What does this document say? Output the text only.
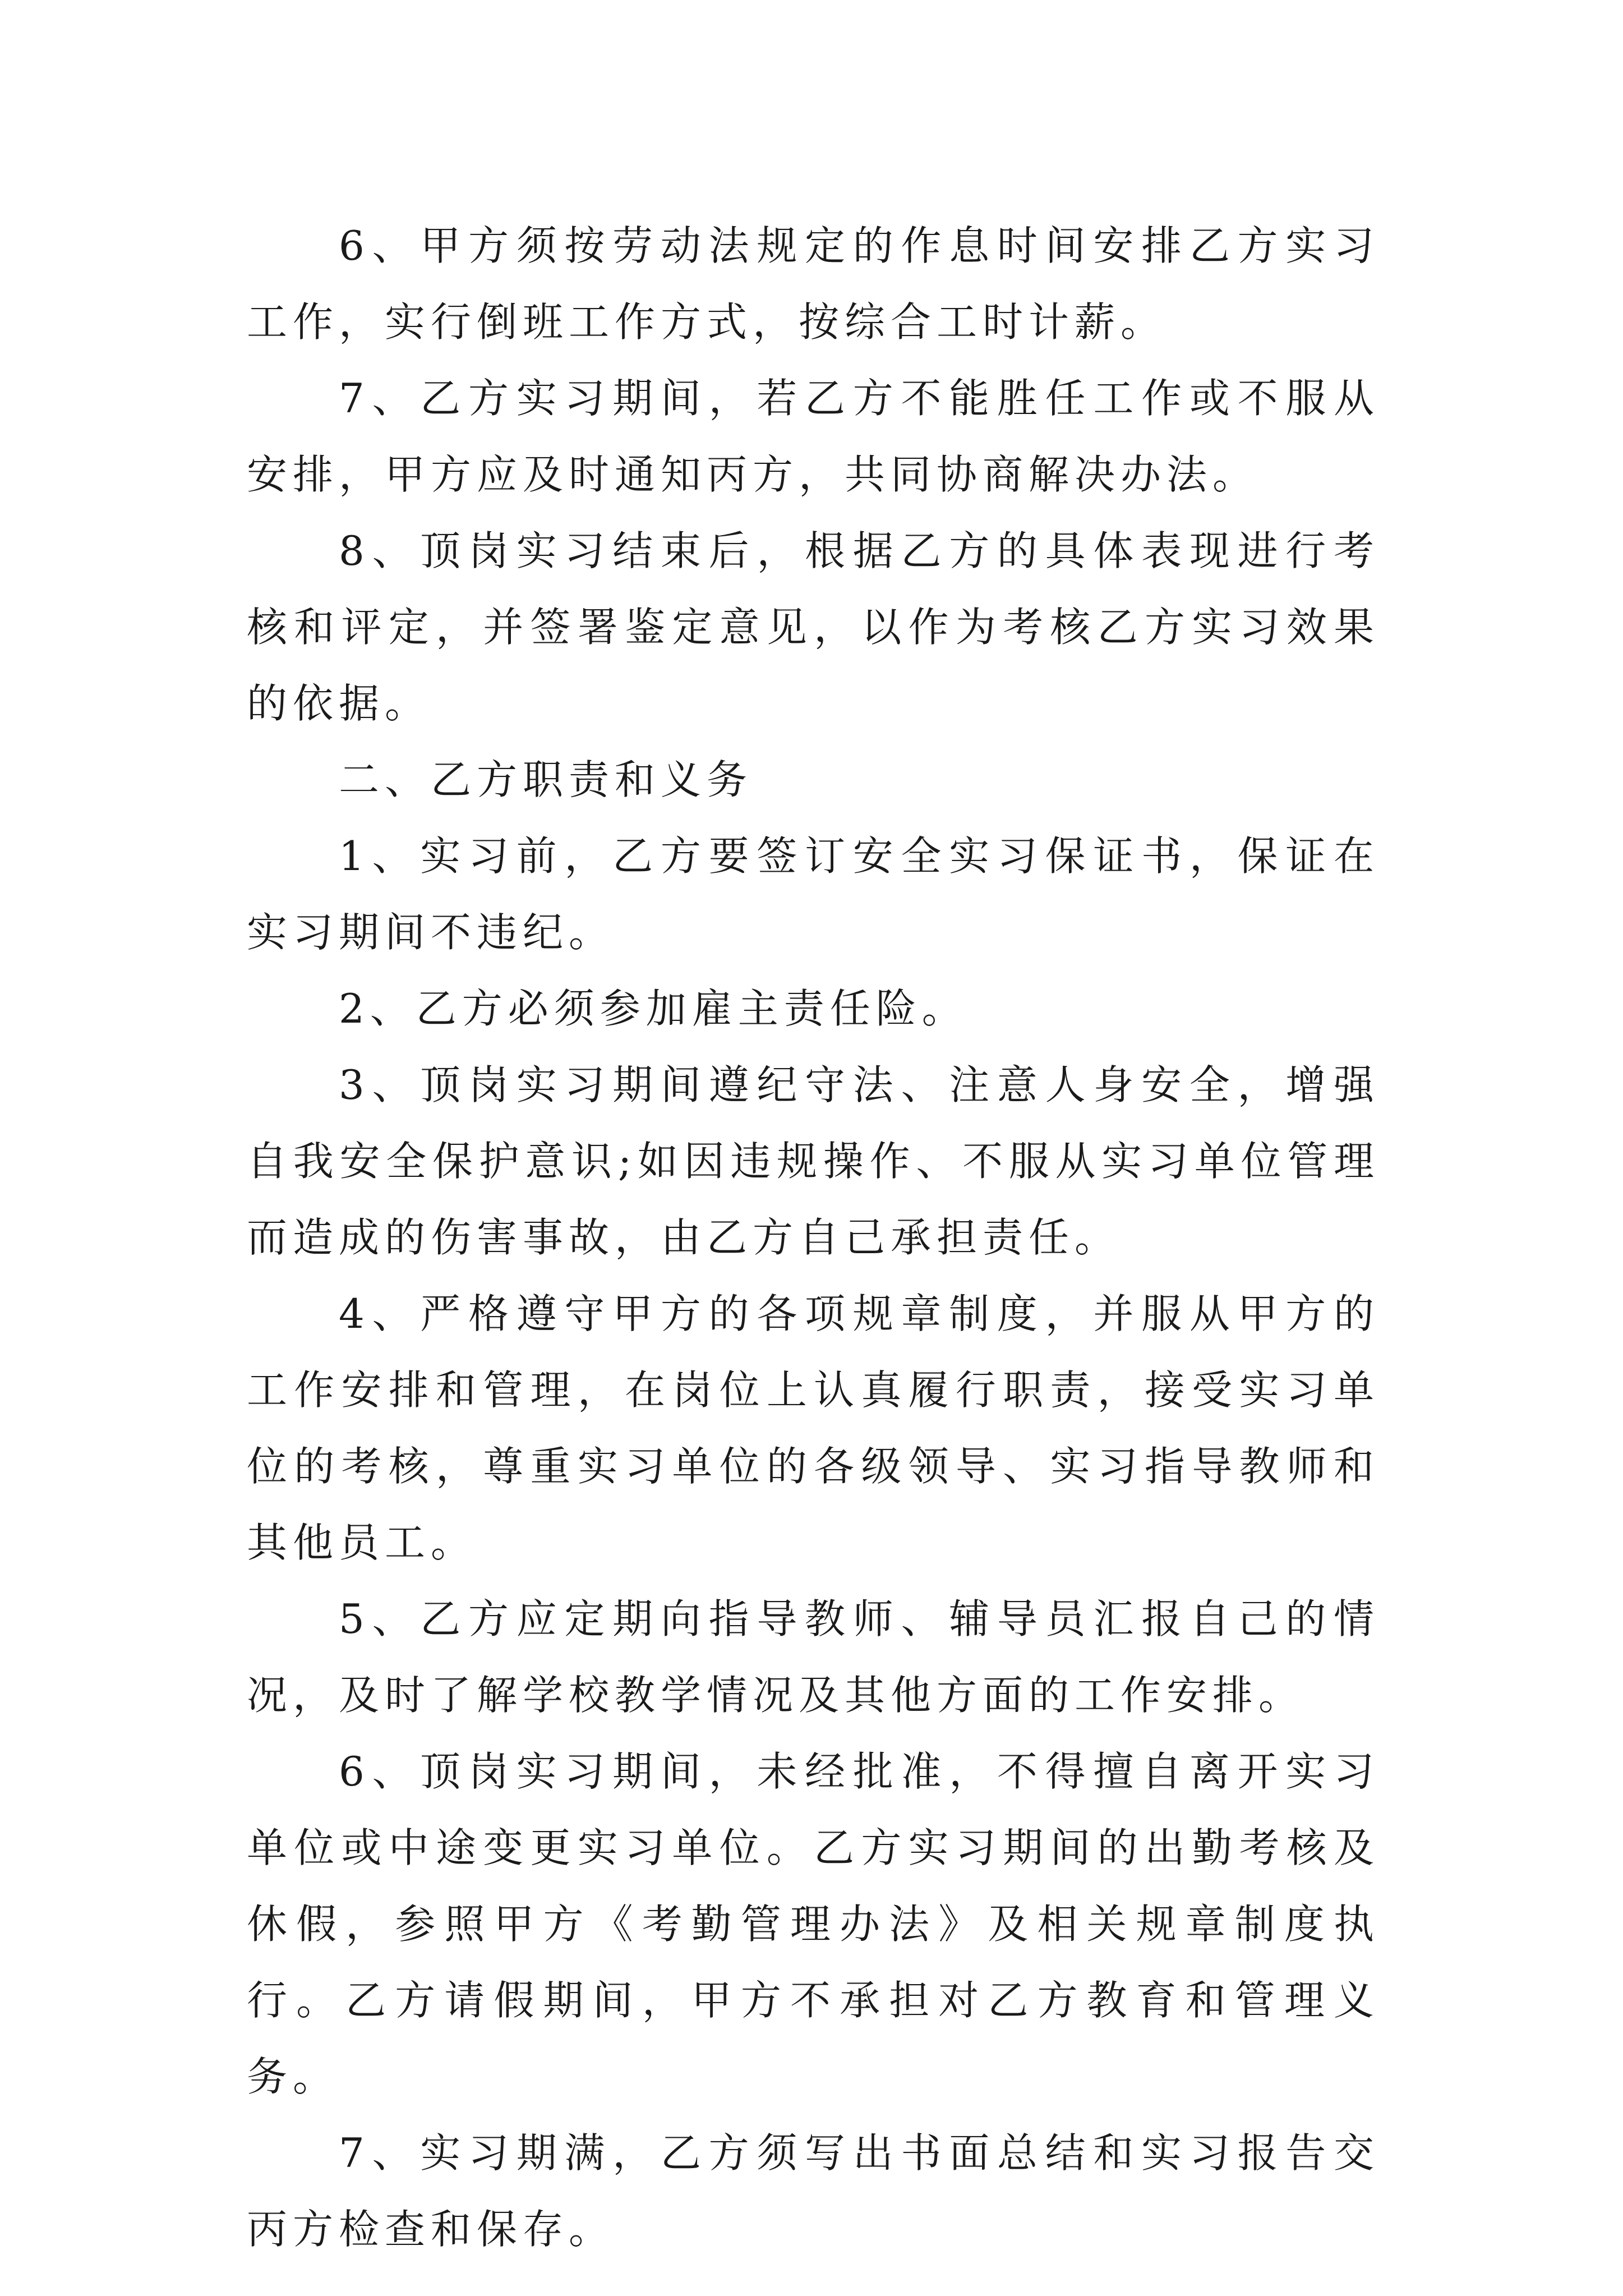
6、甲方须按劳动法规定的作息时间安排乙方实习工作，实行倒班工作方式，按综合工时计薪。

7、乙方实习期间，若乙方不能胜任工作或不服从安排，甲方应及时通知丙方，共同协商解决办法。

8、顶岗实习结束后，根据乙方的具体表现进行考核和评定，并签署鉴定意见，以作为考核乙方实习效果的依据。

二、乙方职责和义务

1、实习前，乙方要签订安全实习保证书，保证在实习期间不违纪。

2、乙方必须参加雇主责任险。

3、顶岗实习期间遵纪守法、注意人身安全，增强自我安全保护意识;如因违规操作、不服从实习单位管理而造成的伤害事故，由乙方自己承担责任。

4、严格遵守甲方的各项规章制度，并服从甲方的工作安排和管理，在岗位上认真履行职责，接受实习单位的考核，尊重实习单位的各级领导、实习指导教师和其他员工。

5、乙方应定期向指导教师、辅导员汇报自己的情况，及时了解学校教学情况及其他方面的工作安排。

6、顶岗实习期间，未经批准，不得擅自离开实习单位或中途变更实习单位。乙方实习期间的出勤考核及休假，参照甲方《考勤管理办法》及相关规章制度执行。乙方请假期间，甲方不承担对乙方教育和管理义务。

7、实习期满，乙方须写出书面总结和实习报告交丙方检查和保存。
